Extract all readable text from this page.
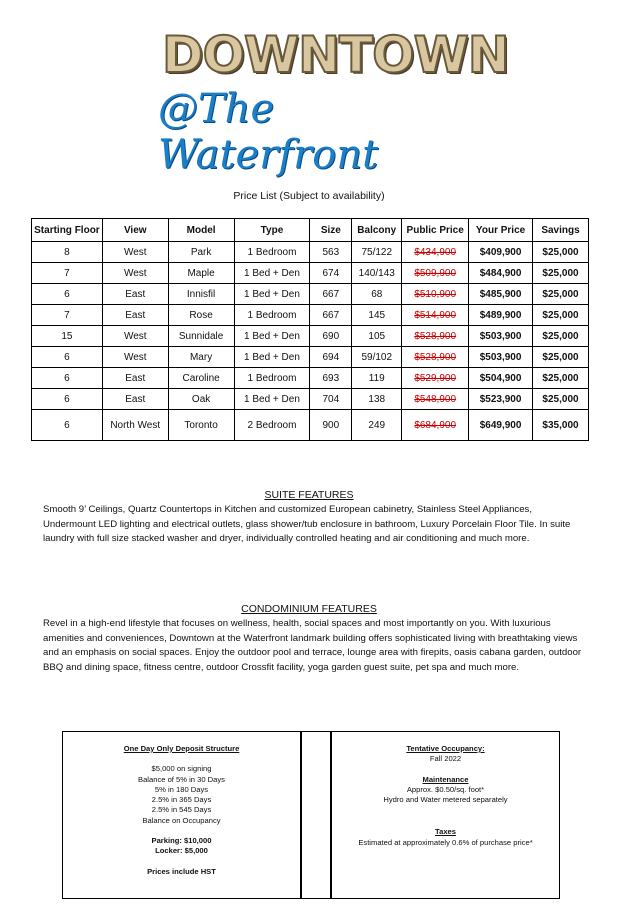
DOWNTOWN
@The Waterfront
Price List (Subject to availability)
Starting Floor	View	Model	Type	Size	Balcony	Public Price	Your Price	Savings
8	West	Park	1 Bedroom	563	75/122	$434,900	$409,900	$25,000
7	West	Maple	1 Bed + Den	674	140/143	$509,900	$484,900	$25,000
6	East	Innisfil	1 Bed + Den	667	68	$510,900	$485,900	$25,000
7	East	Rose	1 Bedroom	667	145	$514,900	$489,900	$25,000
15	West	Sunnidale	1 Bed + Den	690	105	$528,900	$503,900	$25,000
6	West	Mary	1 Bed + Den	694	59/102	$528,900	$503,900	$25,000
6	East	Caroline	1 Bedroom	693	119	$529,900	$504,900	$25,000
6	East	Oak	1 Bed + Den	704	138	$548,900	$523,900	$25,000
6	North West	Toronto	2 Bedroom	900	249	$684,900	$649,900	$35,000
SUITE FEATURES
Smooth 9’ Ceilings, Quartz Countertops in Kitchen and customized European cabinetry, Stainless Steel Appliances, Undermount LED lighting and electrical outlets, glass shower/tub enclosure in bathroom, Luxury Porcelain Floor Tile. In suite laundry with full size stacked washer and dryer, individually controlled heating and air conditioning and much more.
CONDOMINIUM FEATURES
Revel in a high-end lifestyle that focuses on wellness, health, social spaces and most importantly on you. With luxurious amenities and conveniences, Downtown at the Waterfront landmark building offers sophisticated living with breathtaking views and an emphasis on social spaces. Enjoy the outdoor pool and terrace, lounge area with firepits, oasis cabana garden, outdoor BBQ and dining space, fitness centre, outdoor Crossfit facility, yoga garden guest suite, pet spa and much more.
One Day Only Deposit Structure
$5,000 on signing
Balance of 5% in 30 Days
5% in 180 Days
2.5% in 365 Days
2.5% in 545 Days
Balance on Occupancy
Parking: $10,000
Locker: $5,000
Prices include HST
Tentative Occupancy:
Fall 2022
Maintenance
Approx. $0.50/sq. foot*
Hydro and Water metered separately
Taxes
Estimated at approximately 0.6% of purchase price*
